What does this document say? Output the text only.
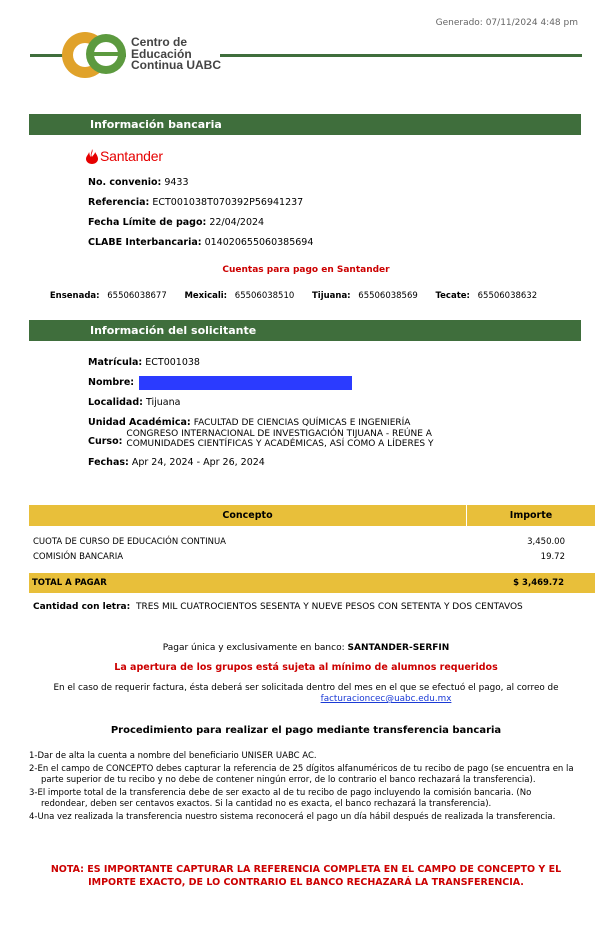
Generado: 07/11/2024 4:48 pm
Centro de
Educación
Continua UABC
Información bancaria
Santander
No. convenio: 9433
Referencia: ECT001038T070392P56941237
Fecha Límite de pago: 22/04/2024
CLABE Interbancaria: 014020655060385694
Cuentas para pago en Santander
Ensenada: 65506038677 Mexicali: 65506038510 Tijuana: 65506038569 Tecate: 65506038632
Información del solicitante
Matrícula: ECT001038
Nombre:
Localidad: Tijuana
Unidad Académica: FACULTAD DE CIENCIAS QUÍMICAS E INGENIERÍA
Curso:
CONGRESO INTERNACIONAL DE INVESTIGACIÓN TIJUANA - REÚNE A COMUNIDADES CIENTÍFICAS Y ACADÉMICAS, ASÍ COMO A LÍDERES Y
Fechas: Apr 24, 2024 - Apr 26, 2024
Concepto	Importe
CUOTA DE CURSO DE EDUCACIÓN CONTINUA	3,450.00
COMISIÓN BANCARIA	19.72
TOTAL A PAGAR	$ 3,469.72
Cantidad con letra: TRES MIL CUATROCIENTOS SESENTA Y NUEVE PESOS CON SETENTA Y DOS CENTAVOS
Pagar única y exclusivamente en banco: SANTANDER-SERFIN
La apertura de los grupos está sujeta al mínimo de alumnos requeridos
En el caso de requerir factura, ésta deberá ser solicitada dentro del mes en el que se efectuó el pago, al correo de
facturacioncec@uabc.edu.mx
Procedimiento para realizar el pago mediante transferencia bancaria
1-Dar de alta la cuenta a nombre del beneficiario UNISER UABC AC.
2-En el campo de CONCEPTO debes capturar la referencia de 25 dígitos alfanuméricos de tu recibo de pago (se encuentra en la parte superior de tu recibo y no debe de contener ningún error, de lo contrario el banco rechazará la transferencia).
3-El importe total de la transferencia debe de ser exacto al de tu recibo de pago incluyendo la comisión bancaria. (No redondear, deben ser centavos exactos. Si la cantidad no es exacta, el banco rechazará la transferencia).
4-Una vez realizada la transferencia nuestro sistema reconocerá el pago un día hábil después de realizada la transferencia.
NOTA: ES IMPORTANTE CAPTURAR LA REFERENCIA COMPLETA EN EL CAMPO DE CONCEPTO Y EL IMPORTE EXACTO, DE LO CONTRARIO EL BANCO RECHAZARÁ LA TRANSFERENCIA.
